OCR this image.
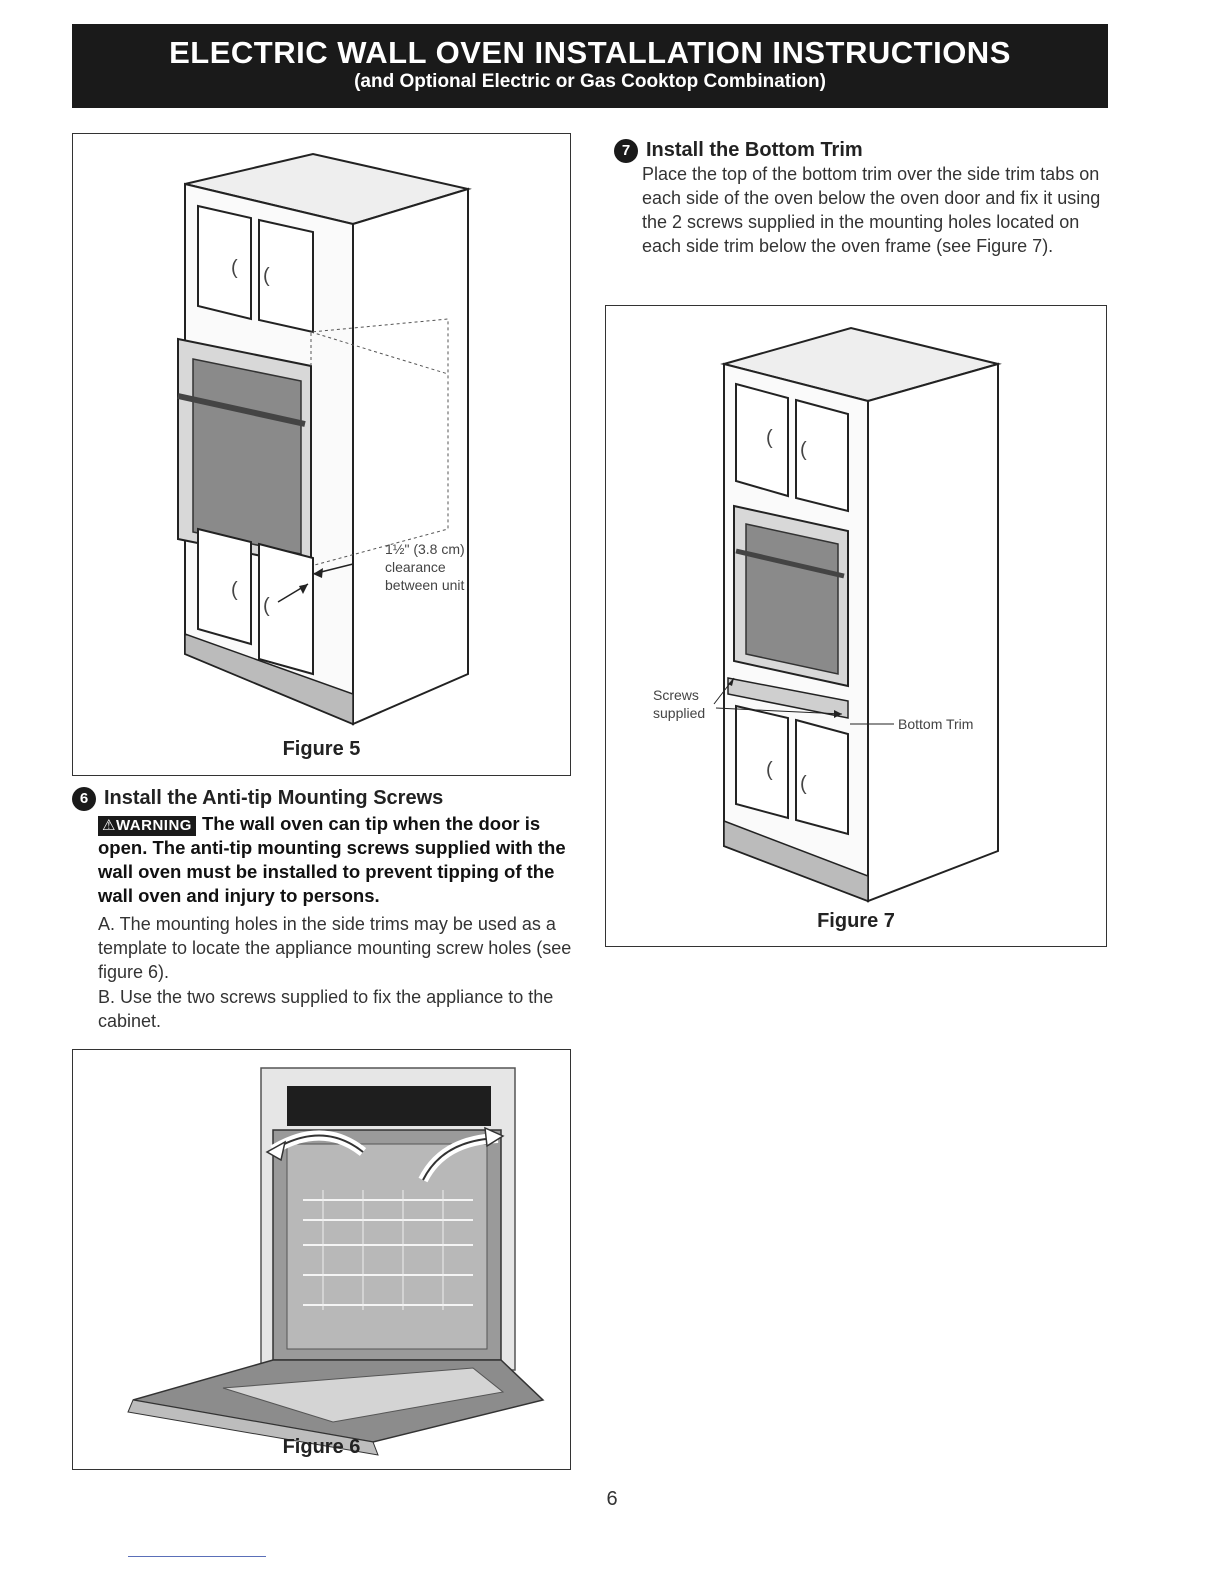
ELECTRIC WALL OVEN INSTALLATION INSTRUCTIONS
(and Optional Electric or Gas Cooktop Combination)
( (
(
(
1½" (3.8 cm)
clearance
between unit
Figure 5
6 Install the Anti-tip Mounting Screws
⚠WARNING The wall oven can tip when the door is open. The anti-tip mounting screws supplied with the wall oven must be installed to prevent tipping of the wall oven and injury to persons.
A. The mounting holes in the side trims may be used as a template to locate the appliance mounting screw holes (see figure 6).
B. Use the two screws supplied to fix the appliance to the cabinet.
Figure 6
7 Install the Bottom Trim
Place the top of the bottom trim over the side trim tabs on each side of the oven below the oven door and fix it using the 2 screws supplied in the mounting holes located on each side trim below the oven frame (see Figure 7).
(
(
(
(
Screws
supplied
Bottom Trim
Figure 7
6
